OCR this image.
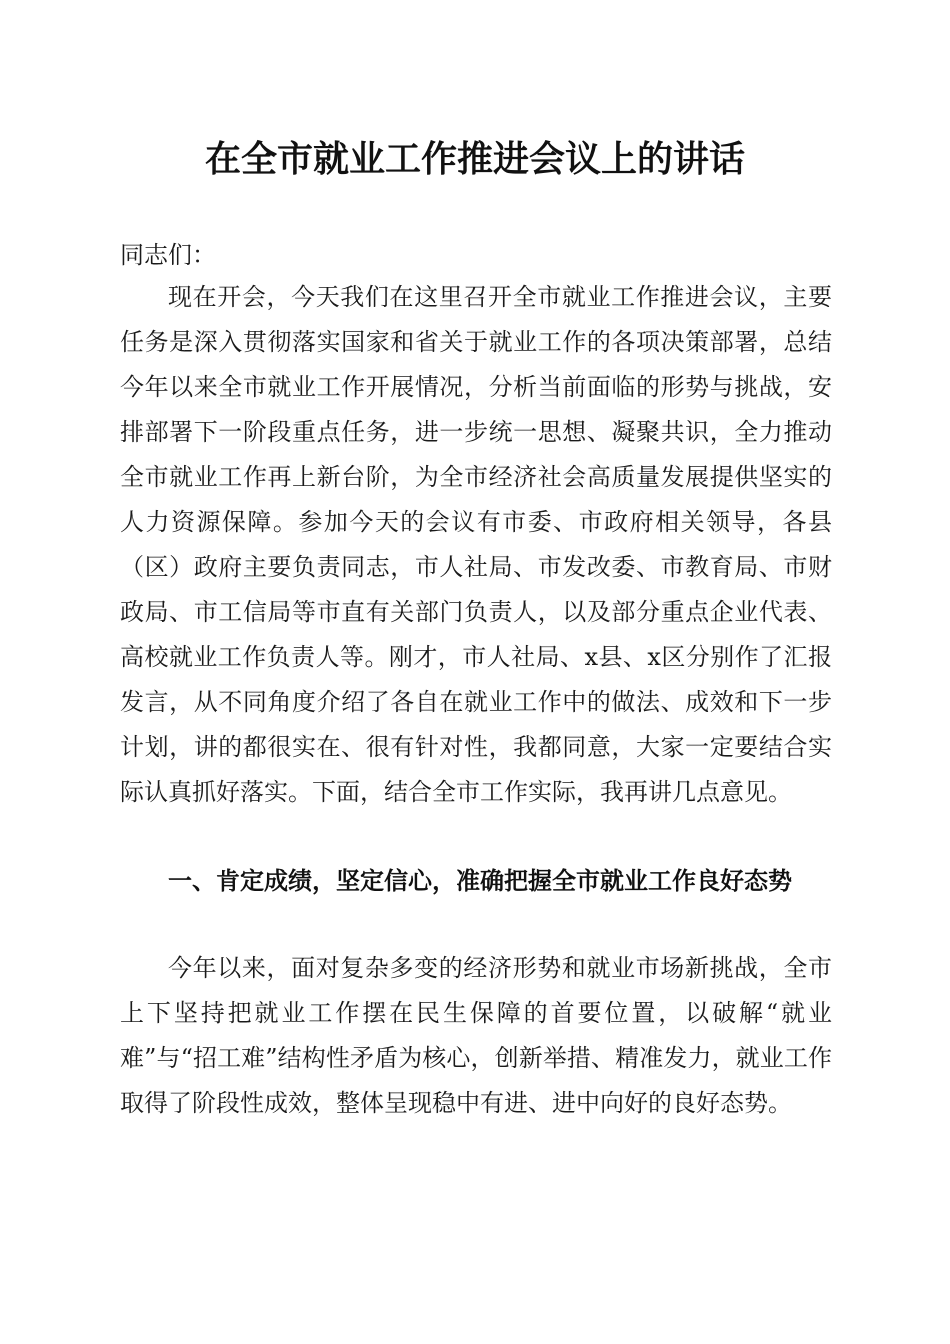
在全市就业工作推进会议上的讲话

同志们：

现在开会，今天我们在这里召开全市就业工作推进会议，主要任务是深入贯彻落实国家和省关于就业工作的各项决策部署，总结今年以来全市就业工作开展情况，分析当前面临的形势与挑战，安排部署下一阶段重点任务，进一步统一思想、凝聚共识，全力推动全市就业工作再上新台阶，为全市经济社会高质量发展提供坚实的人力资源保障。参加今天的会议有市委、市政府相关领导，各县（区）政府主要负责同志，市人社局、市发改委、市教育局、市财政局、市工信局等市直有关部门负责人，以及部分重点企业代表、高校就业工作负责人等。刚才，市人社局、x县、x区分别作了汇报发言，从不同角度介绍了各自在就业工作中的做法、成效和下一步计划，讲的都很实在、很有针对性，我都同意，大家一定要结合实际认真抓好落实。下面，结合全市工作实际，我再讲几点意见。

一、肯定成绩，坚定信心，准确把握全市就业工作良好态势

今年以来，面对复杂多变的经济形势和就业市场新挑战，全市上下坚持把就业工作摆在民生保障的首要位置，以破解“就业难”与“招工难”结构性矛盾为核心，创新举措、精准发力，就业工作取得了阶段性成效，整体呈现稳中有进、进中向好的良好态势。
